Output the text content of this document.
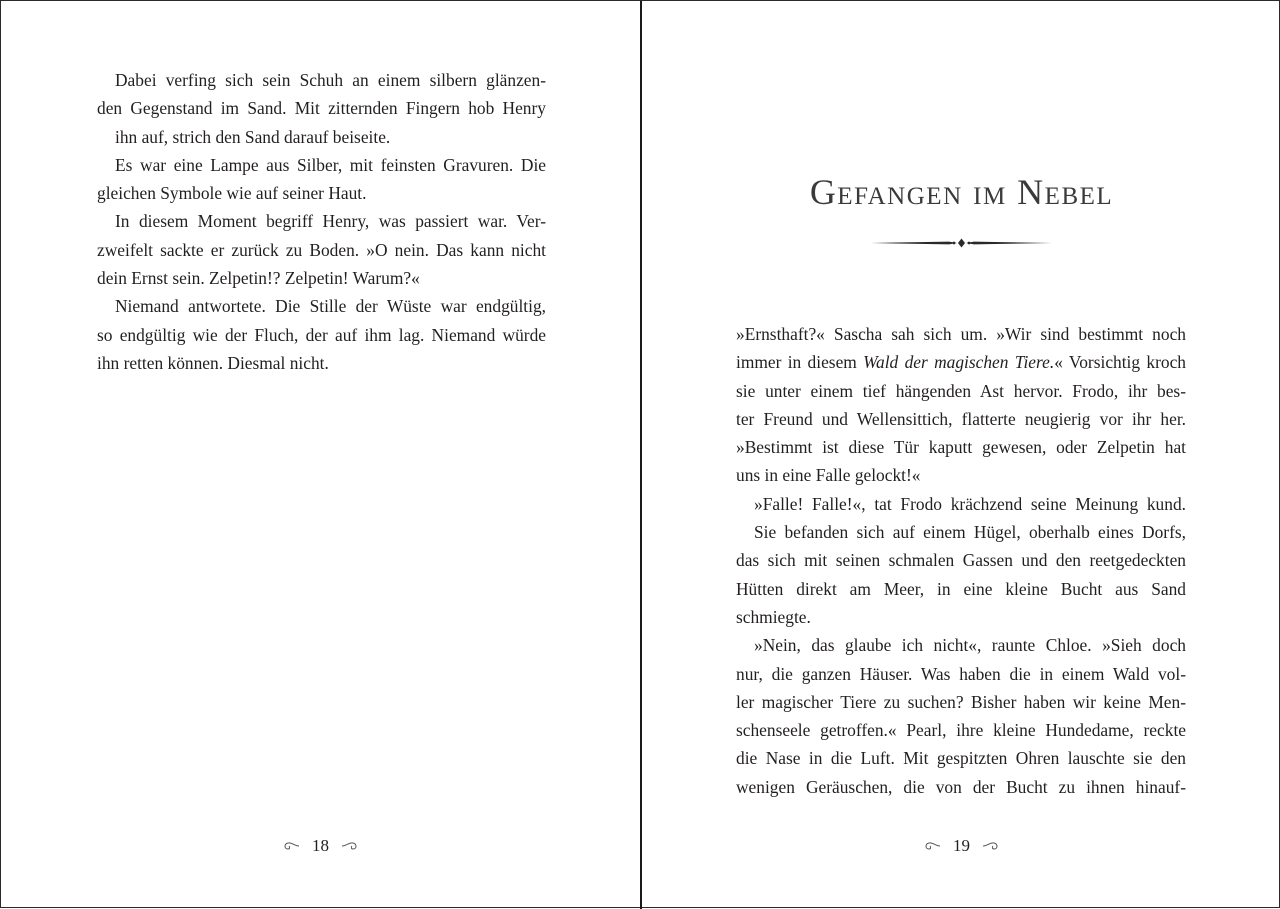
Dabei verfing sich sein Schuh an einem silbern glänzen-
den Gegenstand im Sand. Mit zitternden Fingern hob Henry
ihn auf, strich den Sand darauf beiseite.
Es war eine Lampe aus Silber, mit feinsten Gravuren. Die
gleichen Symbole wie auf seiner Haut.
In diesem Moment begriff Henry, was passiert war. Ver-
zweifelt sackte er zurück zu Boden. »O nein. Das kann nicht
dein Ernst sein. Zelpetin!? Zelpetin! Warum?«
Niemand antwortete. Die Stille der Wüste war endgültig,
so endgültig wie der Fluch, der auf ihm lag. Niemand würde
ihn retten können. Diesmal nicht.
18
Gefangen im Nebel
»Ernsthaft?« Sascha sah sich um. »Wir sind bestimmt noch
immer in diesem Wald der magischen Tiere.« Vorsichtig kroch
sie unter einem tief hängenden Ast hervor. Frodo, ihr bes-
ter Freund und Wellensittich, flatterte neugierig vor ihr her.
»Bestimmt ist diese Tür kaputt gewesen, oder Zelpetin hat
uns in eine Falle gelockt!«
»Falle! Falle!«, tat Frodo krächzend seine Meinung kund.
Sie befanden sich auf einem Hügel, oberhalb eines Dorfs,
das sich mit seinen schmalen Gassen und den reetgedeckten
Hütten direkt am Meer, in eine kleine Bucht aus Sand
schmiegte.
»Nein, das glaube ich nicht«, raunte Chloe. »Sieh doch
nur, die ganzen Häuser. Was haben die in einem Wald vol-
ler magischer Tiere zu suchen? Bisher haben wir keine Men-
schenseele getroffen.« Pearl, ihre kleine Hundedame, reckte
die Nase in die Luft. Mit gespitzten Ohren lauschte sie den
wenigen Geräuschen, die von der Bucht zu ihnen hinauf-
19
